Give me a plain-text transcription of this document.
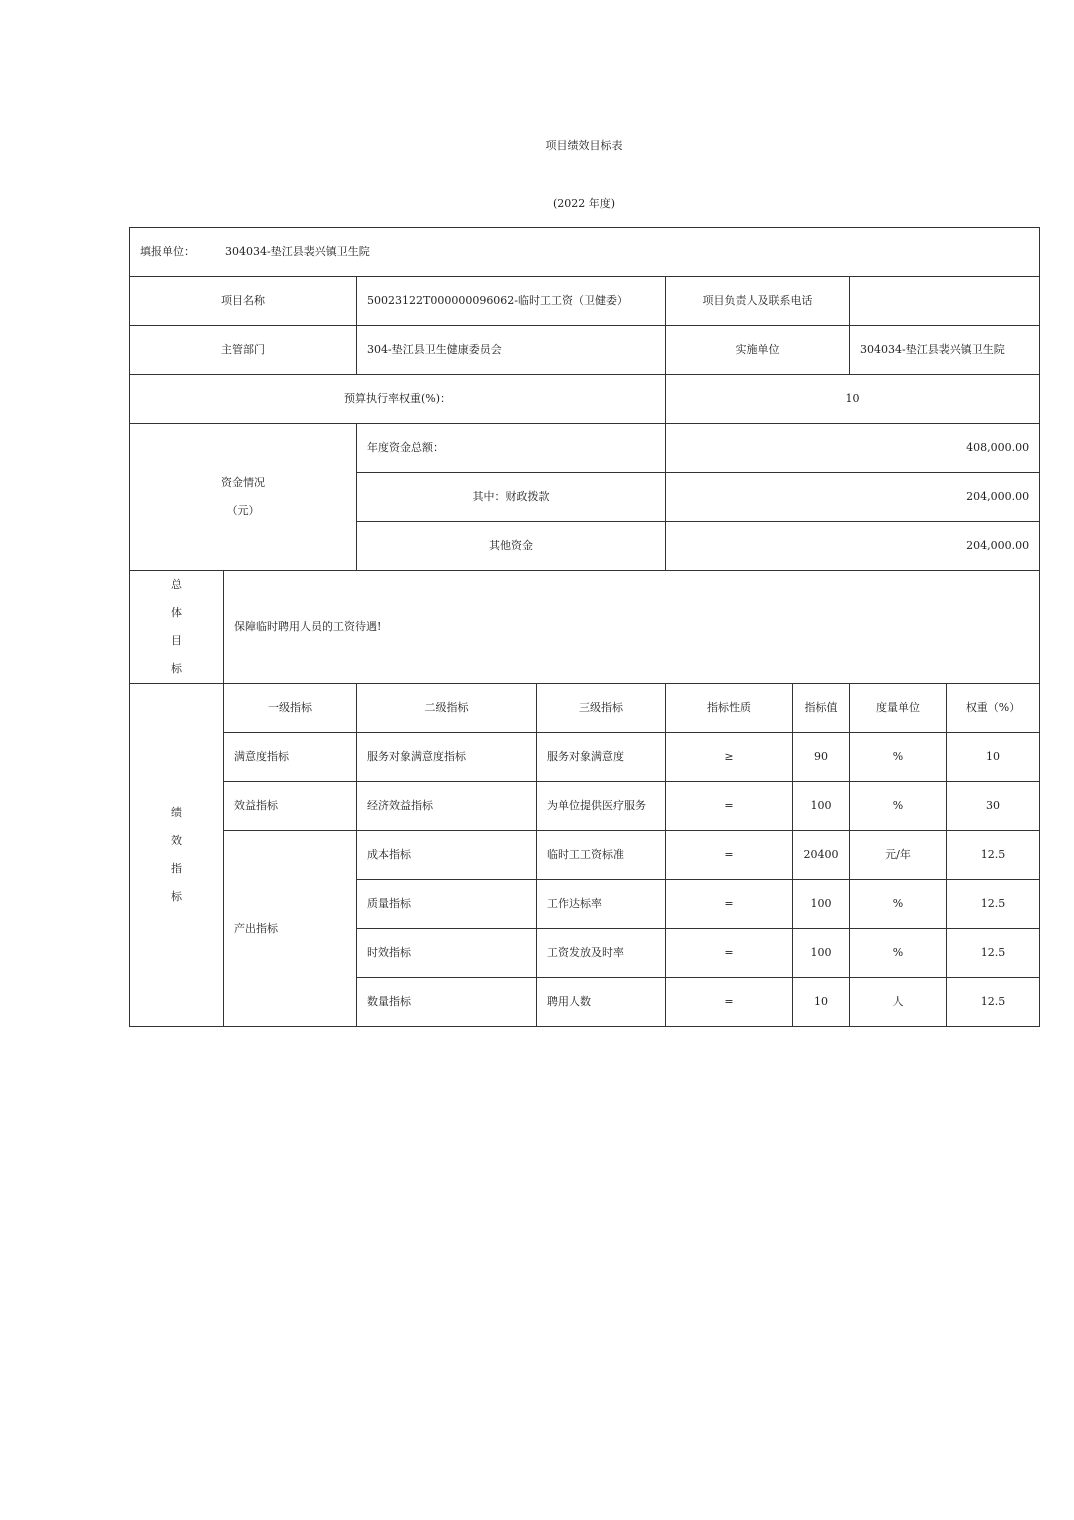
项目绩效目标表
(2022 年度)
填报单位： 304034-垫江县裴兴镇卫生院							
项目名称		50023122T000000096062-临时工工资（卫健委）		项目负责人及联系电话			
主管部门		304-垫江县卫生健康委员会		实施单位		304034-垫江县裴兴镇卫生院	
预算执行率权重(%)：				10			

资金情况
（元）		年度资金总额：		408,000.00			
		其中：财政拨款		204,000.00			
		其他资金		204,000.00			

总
体
目
标	保障临时聘用人员的工资待遇!						

绩
效
指
标	一级指标	二级指标	三级指标	指标性质	指标值	度量单位	权重（%）
	满意度指标	服务对象满意度指标	服务对象满意度	≥	90	%	10
	效益指标	经济效益指标	为单位提供医疗服务	=	100	%	30
	产出指标	成本指标	临时工工资标准	=	20400	元/年	12.5
		质量指标	工作达标率	=	100	%	12.5
		时效指标	工资发放及时率	=	100	%	12.5
		数量指标	聘用人数	=	10	人	12.5
